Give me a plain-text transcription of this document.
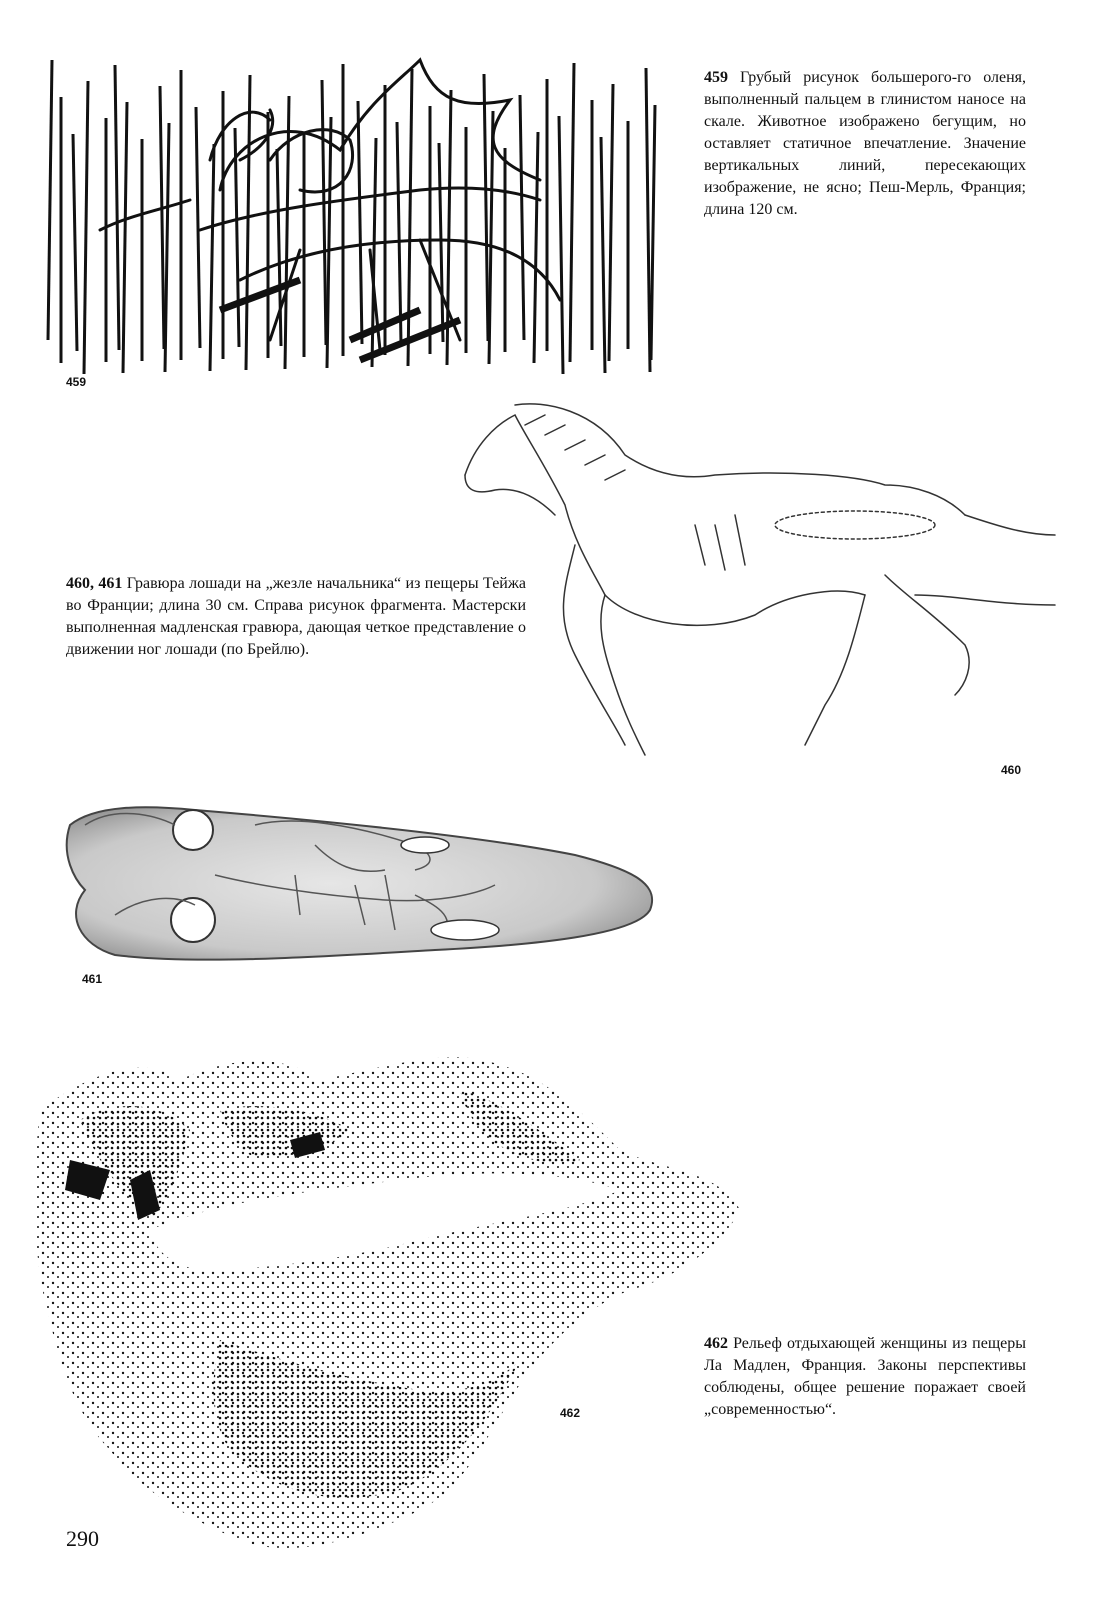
459
459 Грубый рисунок большерого-го оленя, выполненный пальцем в глинистом наносе на скале. Животное изображено бегущим, но оставляет статичное впечатление. Значение вертикальных линий, пересекающих изображение, не ясно; Пеш-Мерль, Франция; длина 120 см.
460
460, 461 Гравюра лошади на „жезле начальника“ из пещеры Тейжа во Франции; длина 30 см. Справа рисунок фрагмента. Мастерски выполненная мадленская гравюра, дающая четкое представление о движении ног лошади (по Брейлю).
461
462
462 Рельеф отдыхающей женщины из пещеры Ла Мадлен, Франция. Законы перспективы соблюдены, общее решение поражает своей „современностью“.
290
